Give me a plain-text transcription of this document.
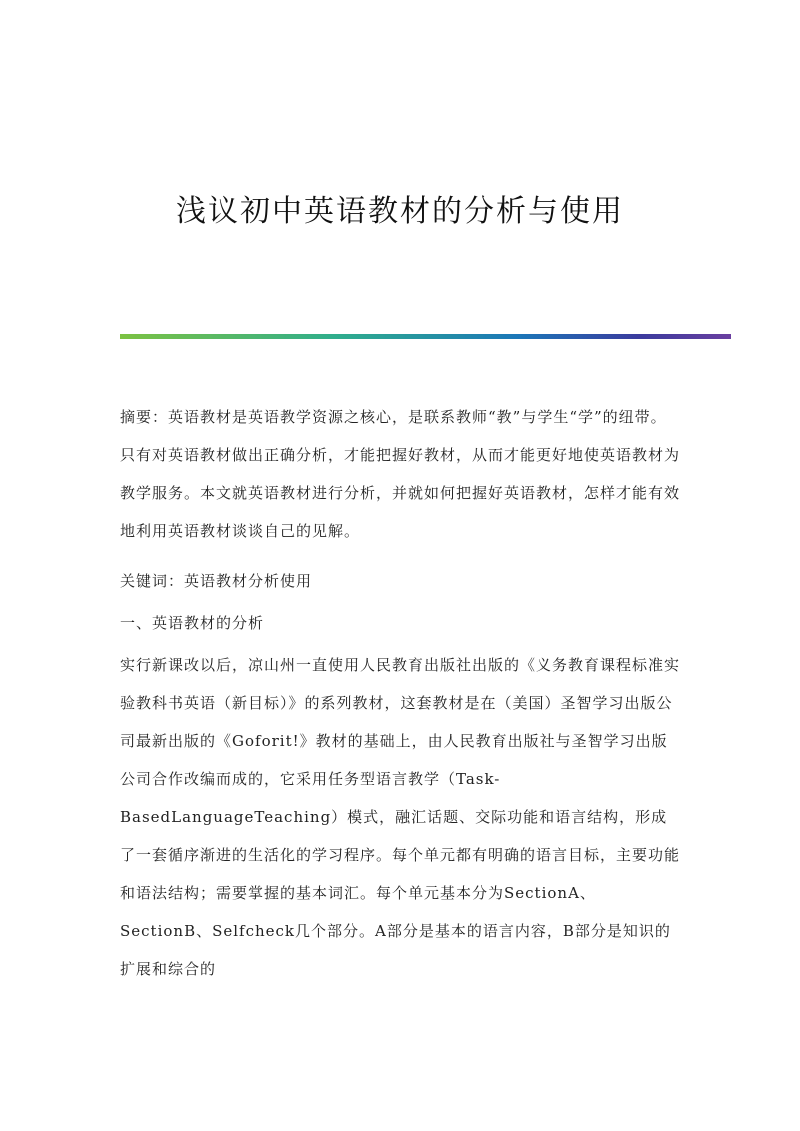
浅议初中英语教材的分析与使用

摘要：英语教材是英语教学资源之核心，是联系教师“教”与学生“学”的纽带。只有对英语教材做出正确分析，才能把握好教材，从而才能更好地使英语教材为教学服务。本文就英语教材进行分析，并就如何把握好英语教材，怎样才能有效地利用英语教材谈谈自己的见解。

关键词：英语教材分析使用

一、英语教材的分析

实行新课改以后，凉山州一直使用人民教育出版社出版的《义务教育课程标准实验教科书英语（新目标）》的系列教材，这套教材是在（美国）圣智学习出版公司最新出版的《Goforit!》教材的基础上，由人民教育出版社与圣智学习出版公司合作改编而成的，它采用任务型语言教学（Task-BasedLanguageTeaching）模式，融汇话题、交际功能和语言结构，形成了一套循序渐进的生活化的学习程序。每个单元都有明确的语言目标，主要功能和语法结构；需要掌握的基本词汇。每个单元基本分为SectionA、SectionB、Selfcheck几个部分。A部分是基本的语言内容，B部分是知识的扩展和综合的
